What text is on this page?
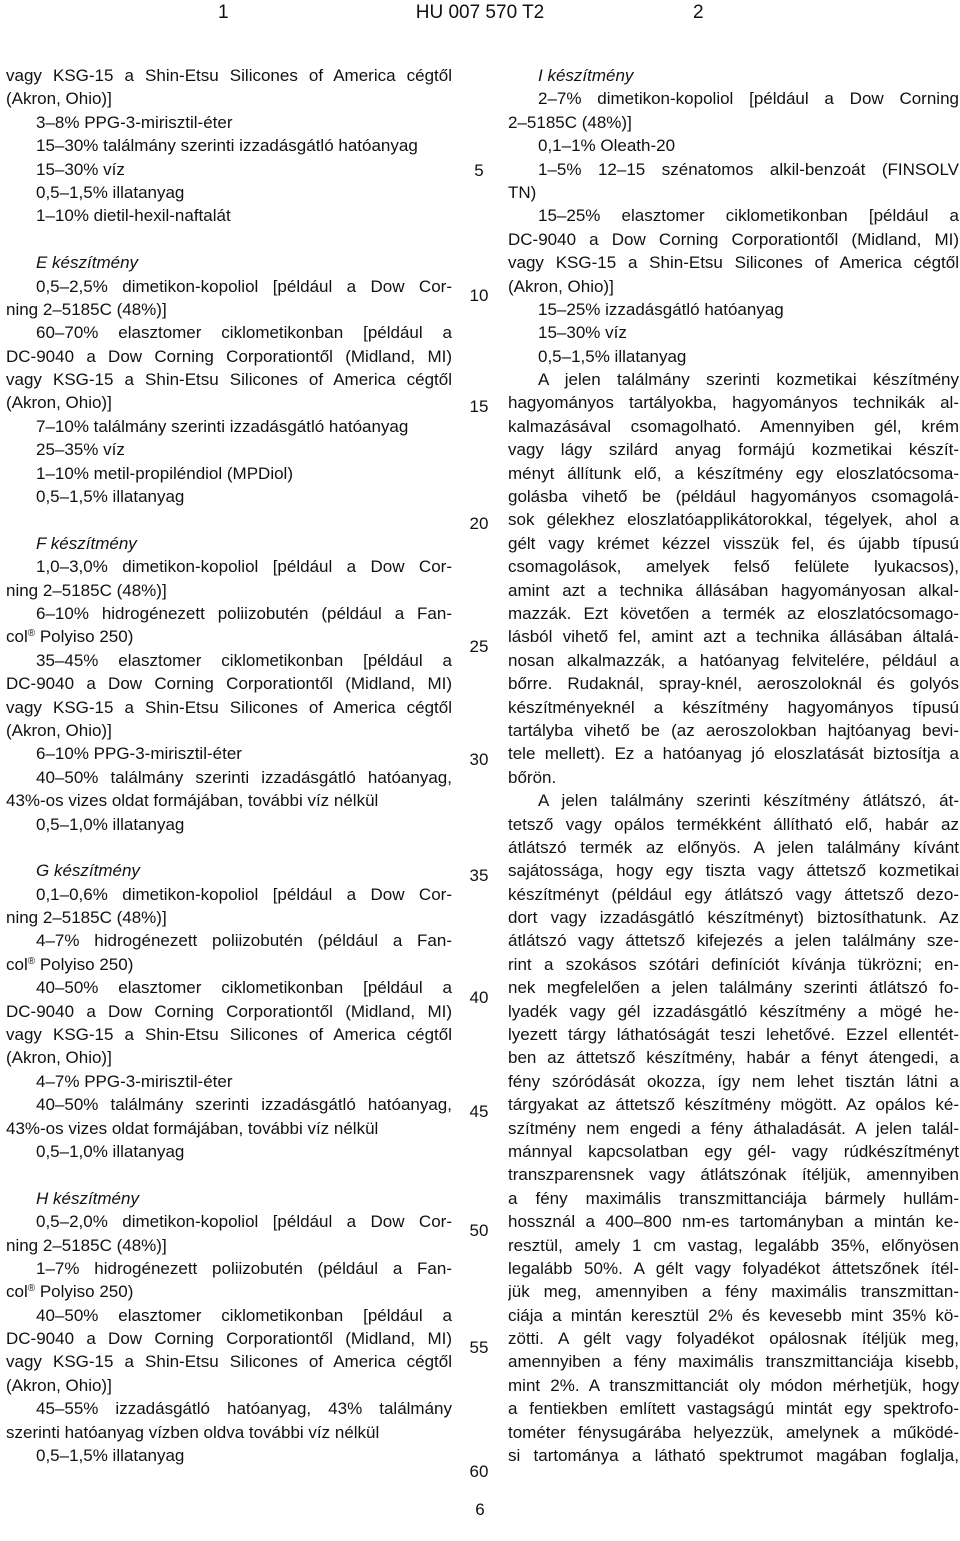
1	HU 007 570 T2	2
vagy KSG-15 a Shin-Etsu Silicones of America cégtől
(Akron, Ohio)]
3–8% PPG-3-mirisztil-éter
15–30% találmány szerinti izzadásgátló hatóanyag
15–30% víz
0,5–1,5% illatanyag
1–10% dietil-hexil-naftalát
E készítmény
0,5–2,5% dimetikon-kopoliol [például a Dow Cor-
ning 2–5185C (48%)]
60–70% elasztomer ciklometikonban [például a
DC-9040 a Dow Corning Corporationtől (Midland, MI)
vagy KSG-15 a Shin-Etsu Silicones of America cégtől
(Akron, Ohio)]
7–10% találmány szerinti izzadásgátló hatóanyag
25–35% víz
1–10% metil-propiléndiol (MPDiol)
0,5–1,5% illatanyag
F készítmény
1,0–3,0% dimetikon-kopoliol [például a Dow Cor-
ning 2–5185C (48%)]
6–10% hidrogénezett poliizobutén (például a Fan-
col® Polyiso 250)
35–45% elasztomer ciklometikonban [például a
DC-9040 a Dow Corning Corporationtől (Midland, MI)
vagy KSG-15 a Shin-Etsu Silicones of America cégtől
(Akron, Ohio)]
6–10% PPG-3-mirisztil-éter
40–50% találmány szerinti izzadásgátló hatóanyag,
43%-os vizes oldat formájában, további víz nélkül
0,5–1,0% illatanyag
G készítmény
0,1–0,6% dimetikon-kopoliol [például a Dow Cor-
ning 2–5185C (48%)]
4–7% hidrogénezett poliizobutén (például a Fan-
col® Polyiso 250)
40–50% elasztomer ciklometikonban [például a
DC-9040 a Dow Corning Corporationtől (Midland, MI)
vagy KSG-15 a Shin-Etsu Silicones of America cégtől
(Akron, Ohio)]
4–7% PPG-3-mirisztil-éter
40–50% találmány szerinti izzadásgátló hatóanyag,
43%-os vizes oldat formájában, további víz nélkül
0,5–1,0% illatanyag
H készítmény
0,5–2,0% dimetikon-kopoliol [például a Dow Cor-
ning 2–5185C (48%)]
1–7% hidrogénezett poliizobutén (például a Fan-
col® Polyiso 250)
40–50% elasztomer ciklometikonban [például a
DC-9040 a Dow Corning Corporationtől (Midland, MI)
vagy KSG-15 a Shin-Etsu Silicones of America cégtől
(Akron, Ohio)]
45–55% izzadásgátló hatóanyag, 43% találmány
szerinti hatóanyag vízben oldva további víz nélkül
0,5–1,5% illatanyag
5
10
15
20
25
30
35
40
45
50
55
60
I készítmény
2–7% dimetikon-kopoliol [például a Dow Corning
2–5185C (48%)]
0,1–1% Oleath-20
1–5% 12–15 szénatomos alkil-benzoát (FINSOLV
TN)
15–25% elasztomer ciklometikonban [például a
DC-9040 a Dow Corning Corporationtől (Midland, MI)
vagy KSG-15 a Shin-Etsu Silicones of America cégtől
(Akron, Ohio)]
15–25% izzadásgátló hatóanyag
15–30% víz
0,5–1,5% illatanyag
A jelen találmány szerinti kozmetikai készítmény
hagyományos tartályokba, hagyományos technikák al-
kalmazásával csomagolható. Amennyiben gél, krém
vagy lágy szilárd anyag formájú kozmetikai készít-
ményt állítunk elő, a készítmény egy eloszlatócsoma-
golásba vihető be (például hagyományos csomagolá-
sok gélekhez eloszlatóapplikátorokkal, tégelyek, ahol a
gélt vagy krémet kézzel visszük fel, és újabb típusú
csomagolások, amelyek felső felülete lyukacsos),
amint azt a technika állásában hagyományosan alkal-
mazzák. Ezt követően a termék az eloszlatócsomago-
lásból vihető fel, amint azt a technika állásában általá-
nosan alkalmazzák, a hatóanyag felvitelére, például a
bőrre. Rudaknál, spray-knél, aeroszoloknál és golyós
készítményeknél a készítmény hagyományos típusú
tartályba vihető be (az aeroszolokban hajtóanyag bevi-
tele mellett). Ez a hatóanyag jó eloszlatását biztosítja a
bőrön.
A jelen találmány szerinti készítmény átlátszó, át-
tetsző vagy opálos termékként állítható elő, habár az
átlátszó termék az előnyös. A jelen találmány kívánt
sajátossága, hogy egy tiszta vagy áttetsző kozmetikai
készítményt (például egy átlátszó vagy áttetsző dezo-
dort vagy izzadásgátló készítményt) biztosíthatunk. Az
átlátszó vagy áttetsző kifejezés a jelen találmány sze-
rint a szokásos szótári definíciót kívánja tükrözni; en-
nek megfelelően a jelen találmány szerinti átlátszó fo-
lyadék vagy gél izzadásgátló készítmény a mögé he-
lyezett tárgy láthatóságát teszi lehetővé. Ezzel ellentét-
ben az áttetsző készítmény, habár a fényt átengedi, a
fény szóródását okozza, így nem lehet tisztán látni a
tárgyakat az áttetsző készítmény mögött. Az opálos ké-
szítmény nem engedi a fény áthaladását. A jelen talál-
mánnyal kapcsolatban egy gél- vagy rúdkészítményt
transzparensnek vagy átlátszónak ítéljük, amennyiben
a fény maximális transzmittanciája bármely hullám-
hossznál a 400–800 nm-es tartományban a mintán ke-
resztül, amely 1 cm vastag, legalább 35%, előnyösen
legalább 50%. A gélt vagy folyadékot áttetszőnek ítél-
jük meg, amennyiben a fény maximális transzmittan-
ciája a mintán keresztül 2% és kevesebb mint 35% kö-
zötti. A gélt vagy folyadékot opálosnak ítéljük meg,
amennyiben a fény maximális transzmittanciája kisebb,
mint 2%. A transzmittanciát oly módon mérhetjük, hogy
a fentiekben említett vastagságú mintát egy spektrofo-
tométer fénysugárába helyezzük, amelynek a működé-
si tartománya a látható spektrumot magában foglalja,
6
